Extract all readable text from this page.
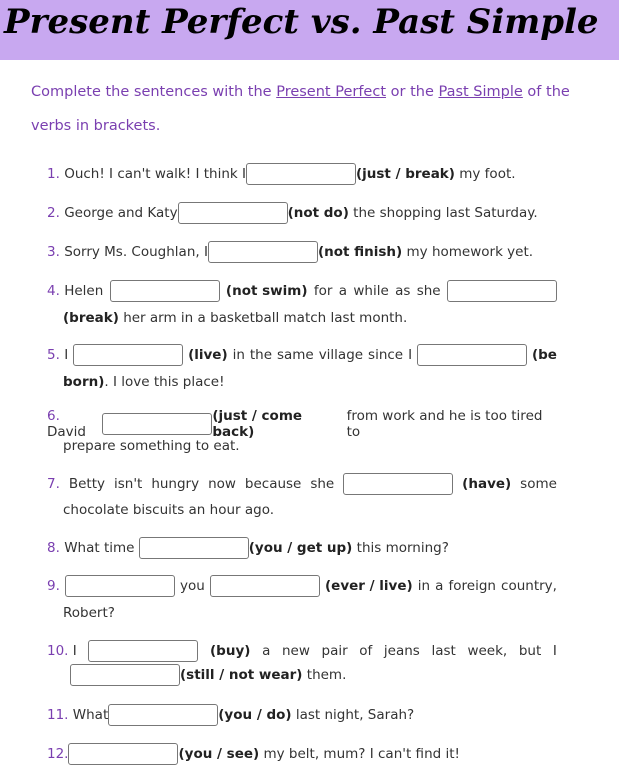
Present Perfect vs. Past Simple
Complete the sentences with the Present Perfect or the Past Simple of the
verbs in brackets.
1. Ouch! I can't walk! I think I	(just / break) my foot.
2. George and Katy	(not do) the shopping last Saturday.
3. Sorry Ms. Coughlan, I	(not finish) my homework yet.
4. Helen	(not swim) for a while as she
(break) her arm in a basketball match last month.
5. I	(live) in the same village since I	(be
born). I love this place!
6. David
(just / come back)
from work and he is too tired to
prepare something to eat.
7. Betty isn't hungry now because she	(have) some
chocolate biscuits an hour ago.
8. What time	(you / get up) this morning?
9.	you	(ever / live) in a foreign country,
Robert?
10. I	(buy) a new pair of jeans last week, but I
(still / not wear) them.
11. What	(you / do) last night, Sarah?
12.	(you / see) my belt, mum? I can't find it!
